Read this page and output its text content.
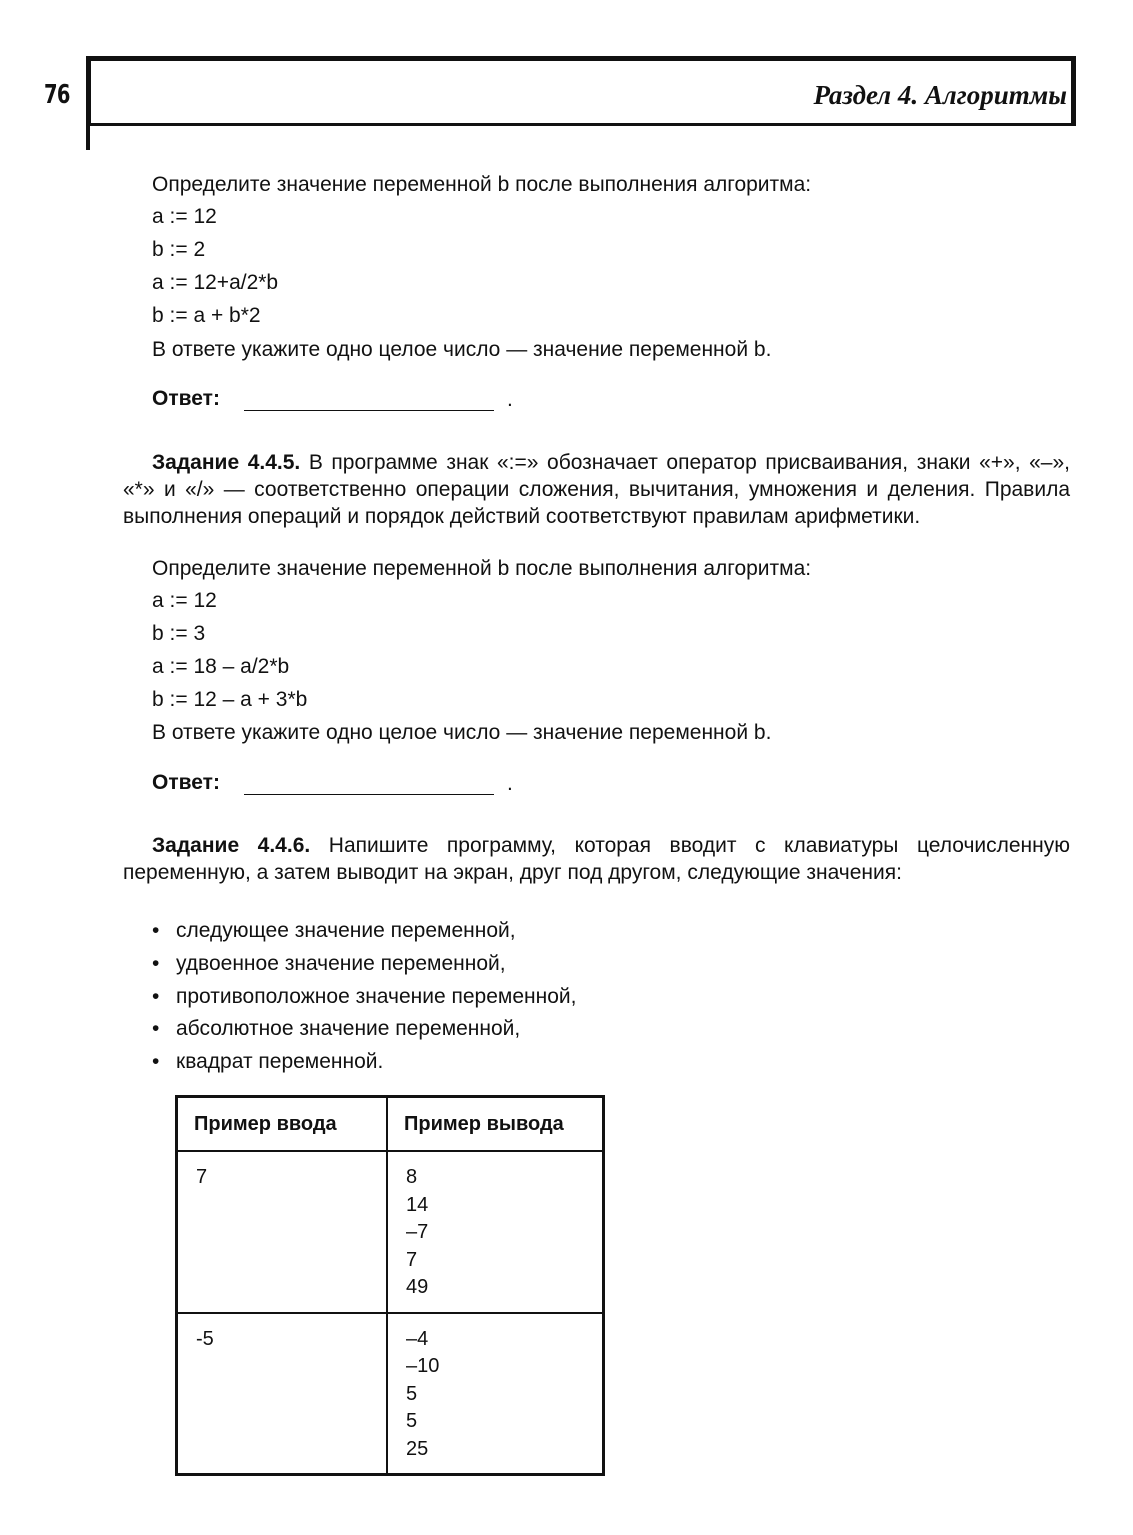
76	Раздел 4. Алгоритмы
Определите значение переменной b после выполнения алгоритма:
a := 12
b := 2
a := 12+a/2*b
b := a + b*2
В ответе укажите одно целое число — значение переменной b.
Ответ:	.
Задание 4.4.5. В программе знак «:=» обозначает оператор присваивания, знаки «+», «–», «*» и «/» — соответственно операции сложения, вычитания, умножения и деления. Правила выполнения операций и порядок действий соответствуют правилам арифметики.
Определите значение переменной b после выполнения алгоритма:
a := 12
b := 3
a := 18 – a/2*b
b := 12 – a + 3*b
В ответе укажите одно целое число — значение переменной b.
Ответ:	.
Задание 4.4.6. Напишите программу, которая вводит с клавиатуры целочисленную переменную, а затем выводит на экран, друг под другом, следующие значения:
• следующее значение переменной,
• удвоенное значение переменной,
• противоположное значение переменной,
• абсолютное значение переменной,
• квадрат переменной.
Пример ввода	Пример вывода
7	8
14
–7
7
49

-5	–4
–10
5
5
25
